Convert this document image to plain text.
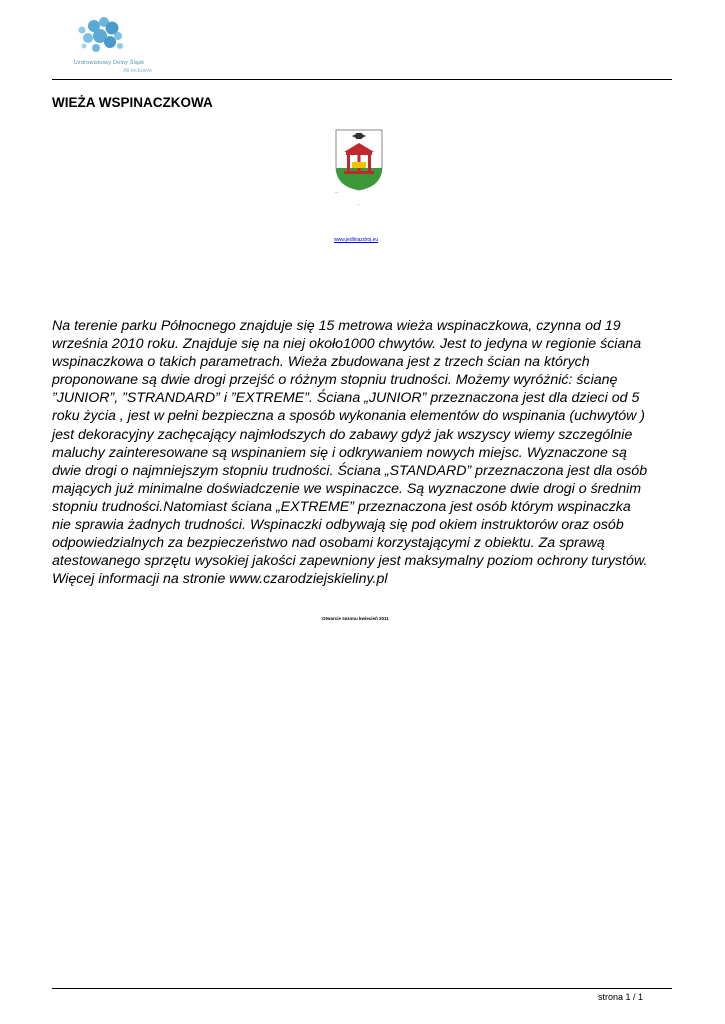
Uzdrowiskowy Dolny Śląsk
All inclusive
WIEŻA WSPINACZKOWA
—
.
www.jedlinazdroj.eu

Na terenie parku Północnego znajduje się 15 metrowa wieża wspinaczkowa, czynna od 19
września 2010 roku. Znajduje się na niej około1000 chwytów. Jest to jedyna w regionie ściana
wspinaczkowa o takich parametrach. Wieża zbudowana jest z trzech ścian na których
proponowane są dwie drogi przejść o różnym stopniu trudności. Możemy wyróżnić: ścianę
”JUNIOR”, ”STRANDARD” i ”EXTREME”. Ściana „JUNIOR” przeznaczona jest dla dzieci od 5
roku życia , jest w pełni bezpieczna a sposób wykonania elementów do wspinania (uchwytów )
jest dekoracyjny zachęcający najmłodszych do zabawy gdyż jak wszyscy wiemy szczególnie
maluchy zainteresowane są wspinaniem się i odkrywaniem nowych miejsc. Wyznaczone są
dwie drogi o najmniejszym stopniu trudności. Ściana „STANDARD” przeznaczona jest dla osób
mających już minimalne doświadczenie we wspinaczce. Są wyznaczone dwie drogi o średnim
stopniu trudności.Natomiast ściana „EXTREME” przeznaczona jest osób którym wspinaczka
nie sprawia żadnych trudności. Wspinaczki odbywają się pod okiem instruktorów oraz osób
odpowiedzialnych za bezpieczeństwo nad osobami korzystającymi z obiektu. Za sprawą
atestowanego sprzętu wysokiej jakości zapewniony jest maksymalny poziom ochrony turystów.
Więcej informacji na stronie www.czarodziejskieliny.pl

Otwarcie sezonu kwiecień 2011
strona 1 / 1
